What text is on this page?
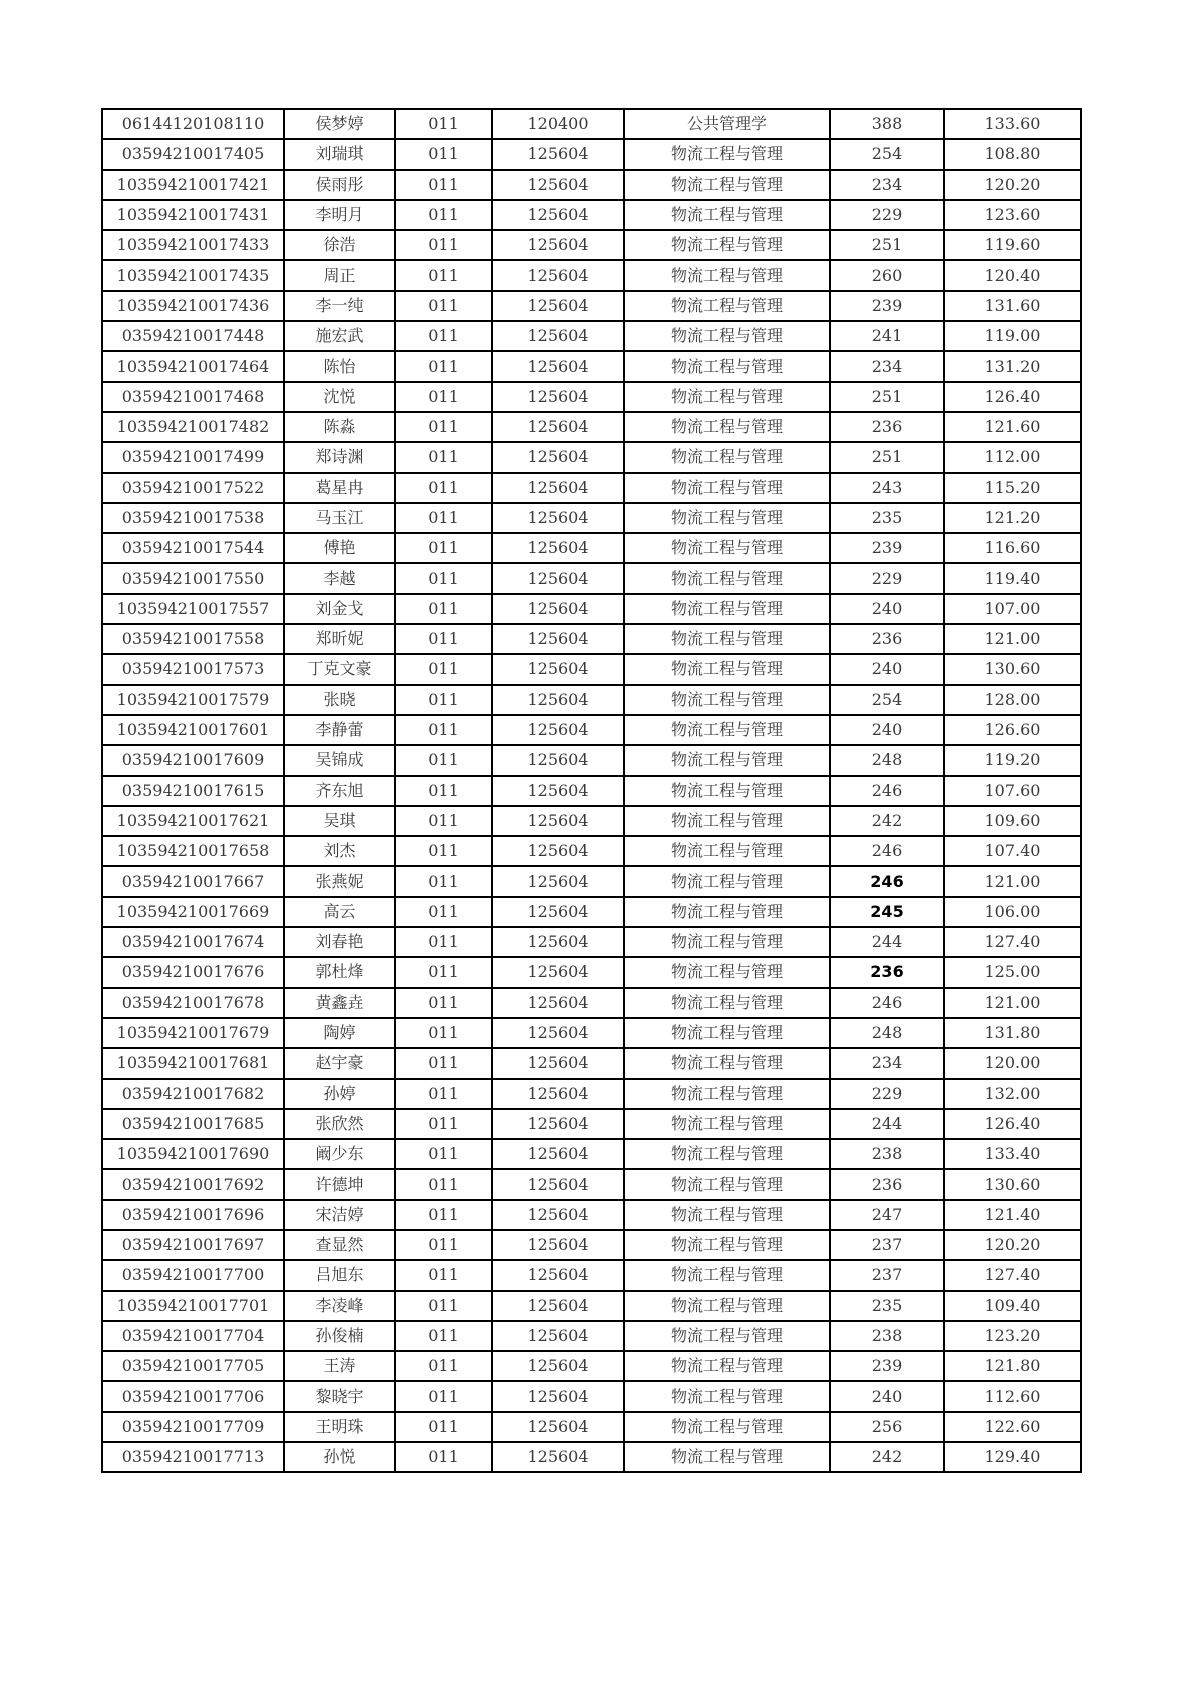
06144120108110	侯梦婷	011	120400	公共管理学	388	133.60
03594210017405	刘瑞琪	011	125604	物流工程与管理	254	108.80
103594210017421	侯雨彤	011	125604	物流工程与管理	234	120.20
103594210017431	李明月	011	125604	物流工程与管理	229	123.60
103594210017433	徐浩	011	125604	物流工程与管理	251	119.60
103594210017435	周正	011	125604	物流工程与管理	260	120.40
103594210017436	李一纯	011	125604	物流工程与管理	239	131.60
03594210017448	施宏武	011	125604	物流工程与管理	241	119.00
103594210017464	陈怡	011	125604	物流工程与管理	234	131.20
03594210017468	沈悦	011	125604	物流工程与管理	251	126.40
103594210017482	陈淼	011	125604	物流工程与管理	236	121.60
03594210017499	郑诗渊	011	125604	物流工程与管理	251	112.00
03594210017522	葛星冉	011	125604	物流工程与管理	243	115.20
03594210017538	马玉江	011	125604	物流工程与管理	235	121.20
03594210017544	傅艳	011	125604	物流工程与管理	239	116.60
03594210017550	李越	011	125604	物流工程与管理	229	119.40
103594210017557	刘金戈	011	125604	物流工程与管理	240	107.00
03594210017558	郑昕妮	011	125604	物流工程与管理	236	121.00
03594210017573	丁克文豪	011	125604	物流工程与管理	240	130.60
103594210017579	张晓	011	125604	物流工程与管理	254	128.00
103594210017601	李静蕾	011	125604	物流工程与管理	240	126.60
03594210017609	吴锦成	011	125604	物流工程与管理	248	119.20
03594210017615	齐东旭	011	125604	物流工程与管理	246	107.60
103594210017621	吴琪	011	125604	物流工程与管理	242	109.60
103594210017658	刘杰	011	125604	物流工程与管理	246	107.40
03594210017667	张燕妮	011	125604	物流工程与管理	246	121.00
103594210017669	高云	011	125604	物流工程与管理	245	106.00
03594210017674	刘春艳	011	125604	物流工程与管理	244	127.40
03594210017676	郭杜烽	011	125604	物流工程与管理	236	125.00
03594210017678	黄鑫垚	011	125604	物流工程与管理	246	121.00
103594210017679	陶婷	011	125604	物流工程与管理	248	131.80
103594210017681	赵宇豪	011	125604	物流工程与管理	234	120.00
03594210017682	孙婷	011	125604	物流工程与管理	229	132.00
03594210017685	张欣然	011	125604	物流工程与管理	244	126.40
103594210017690	阚少东	011	125604	物流工程与管理	238	133.40
03594210017692	许德坤	011	125604	物流工程与管理	236	130.60
03594210017696	宋洁婷	011	125604	物流工程与管理	247	121.40
03594210017697	查显然	011	125604	物流工程与管理	237	120.20
03594210017700	吕旭东	011	125604	物流工程与管理	237	127.40
103594210017701	李凌峰	011	125604	物流工程与管理	235	109.40
03594210017704	孙俊楠	011	125604	物流工程与管理	238	123.20
03594210017705	王涛	011	125604	物流工程与管理	239	121.80
03594210017706	黎晓宇	011	125604	物流工程与管理	240	112.60
03594210017709	王明珠	011	125604	物流工程与管理	256	122.60
03594210017713	孙悦	011	125604	物流工程与管理	242	129.40
